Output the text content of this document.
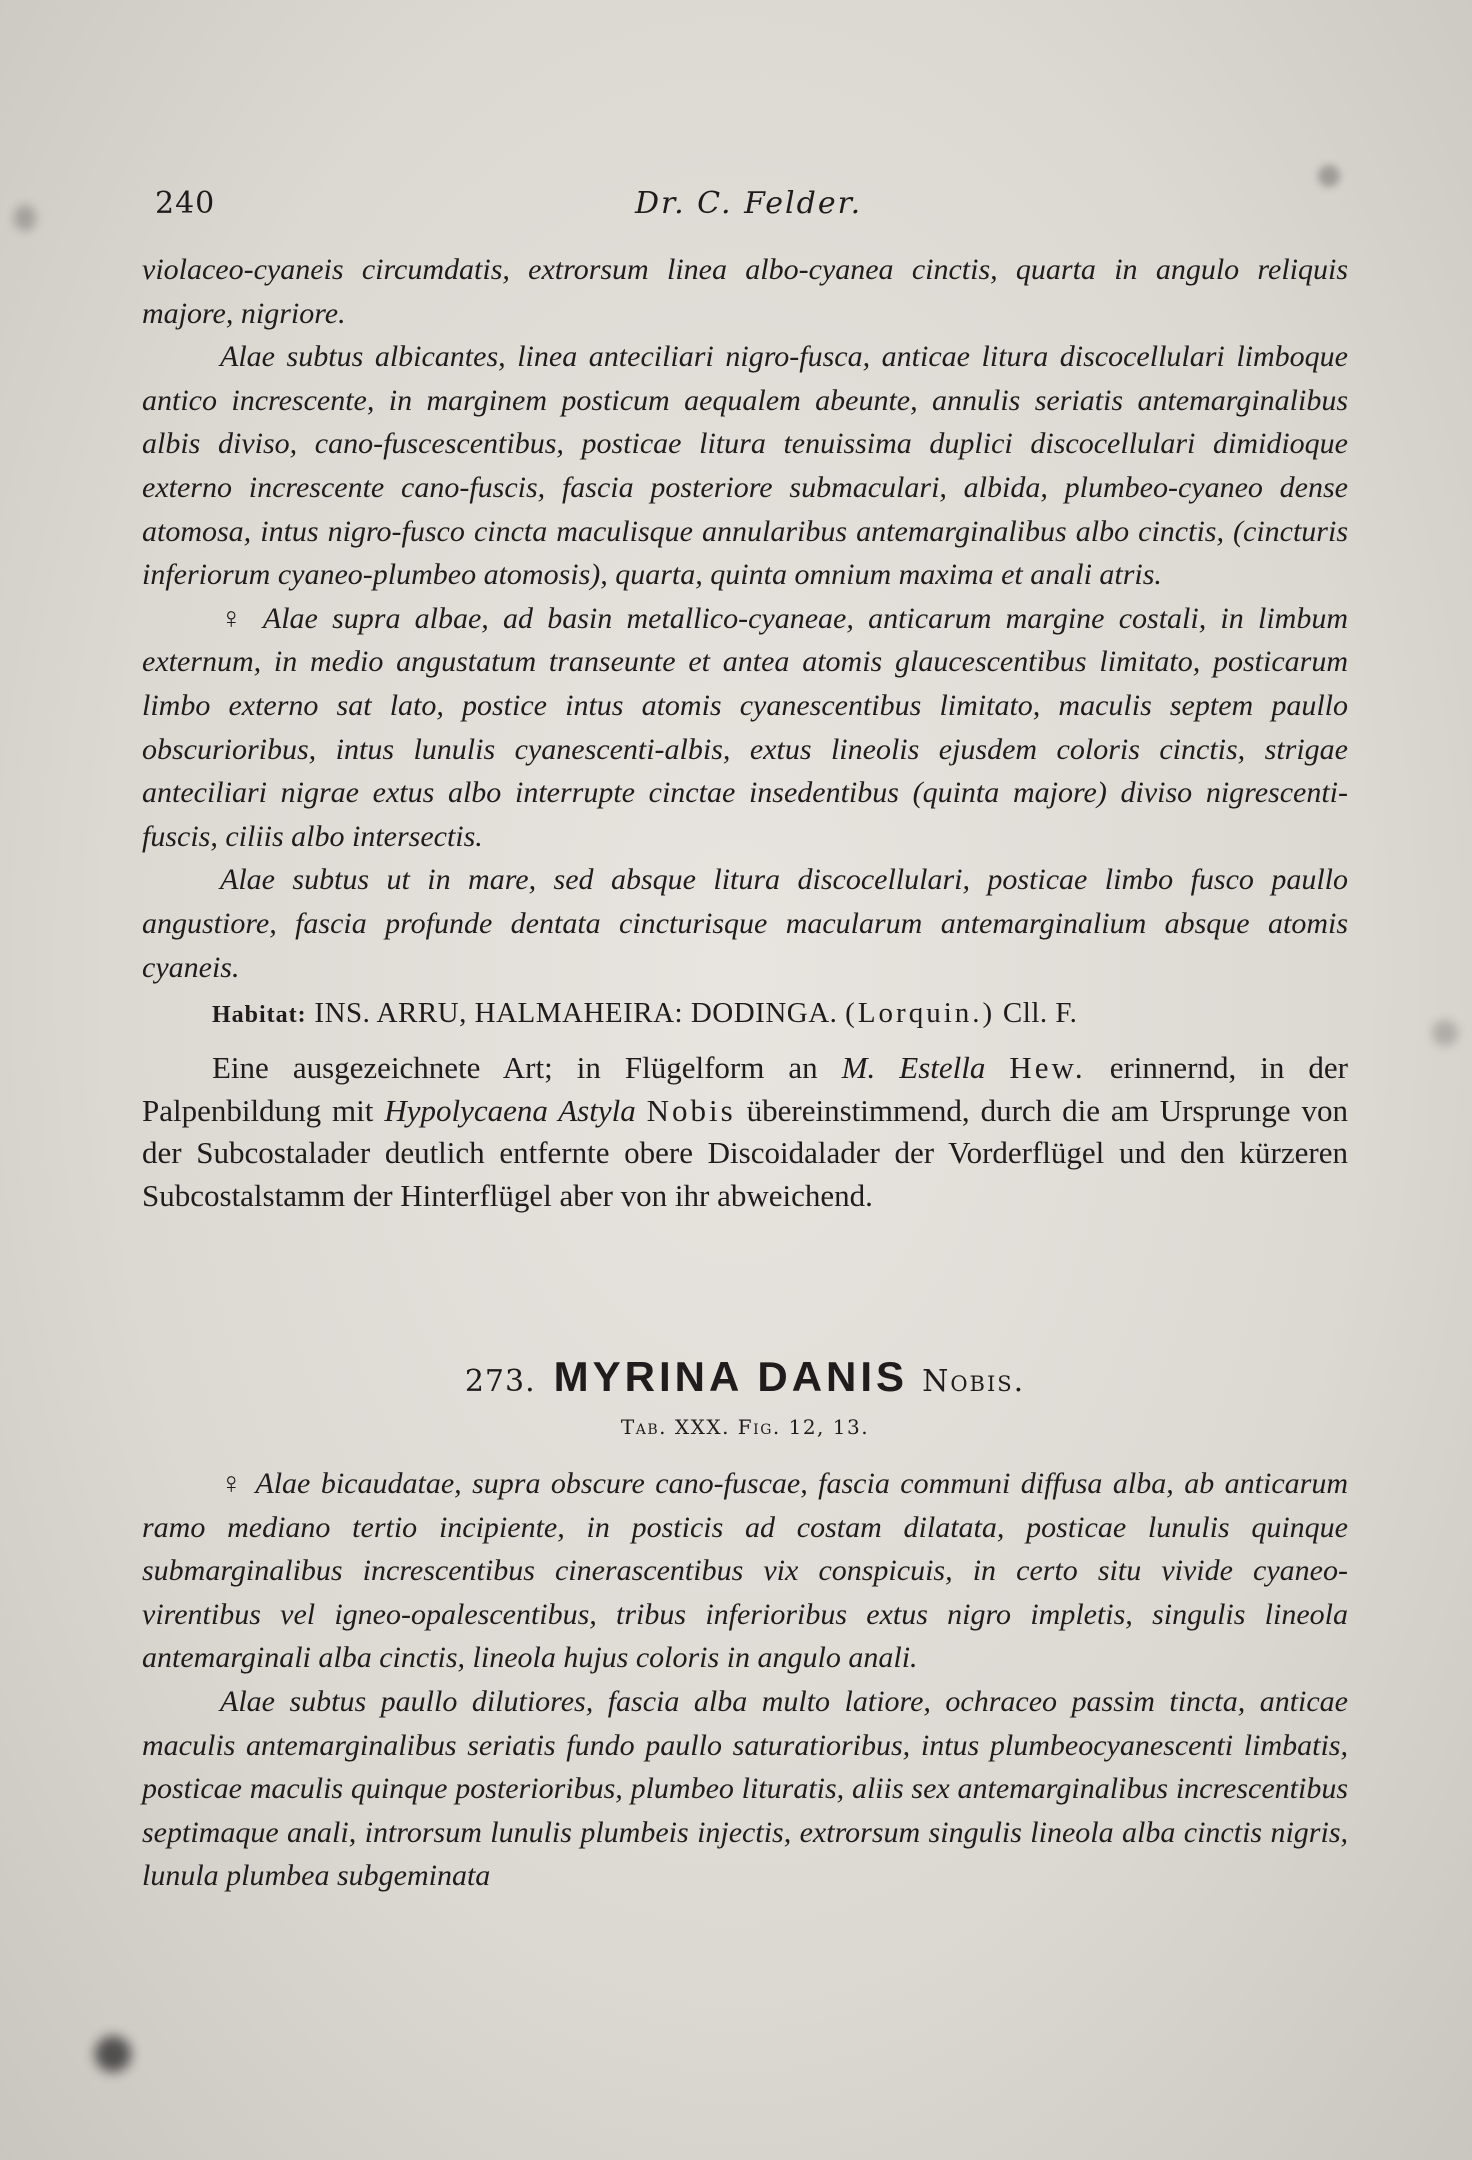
240	Dr. C. Felder.

violaceo-cyaneis circumdatis, extrorsum linea albo-cyanea cinctis, quarta in angulo reliquis majore, nigriore.

Alae subtus albicantes, linea anteciliari nigro-fusca, anticae litura discocellulari limboque antico increscente, in marginem posticum aequalem abeunte, annulis seriatis antemarginalibus albis diviso, cano-fuscescentibus, posticae litura tenuissima duplici discocellulari dimidioque externo increscente cano-fuscis, fascia posteriore submaculari, albida, plumbeo-cyaneo dense atomosa, intus nigro-fusco cincta maculisque annularibus antemarginalibus albo cinctis, (cincturis inferiorum cyaneo-plumbeo atomosis), quarta, quinta omnium maxima et anali atris.

♀ Alae supra albae, ad basin metallico-cyaneae, anticarum margine costali, in limbum externum, in medio angustatum transeunte et antea atomis glaucescentibus limitato, posticarum limbo externo sat lato, postice intus atomis cyanescentibus limitato, maculis septem paullo obscurioribus, intus lunulis cyanescenti-albis, extus lineolis ejusdem coloris cinctis, strigae anteciliari nigrae extus albo interrupte cinctae insedentibus (quinta majore) diviso nigrescenti-fuscis, ciliis albo intersectis.

Alae subtus ut in mare, sed absque litura discocellulari, posticae limbo fusco paullo angustiore, fascia profunde dentata cincturisque macularum antemarginalium absque atomis cyaneis.

Habitat: INS. ARRU, HALMAHEIRA: DODINGA. (Lorquin.) Cll. F.

Eine ausgezeichnete Art; in Flügelform an M. Estella Hew. erinnernd, in der Palpenbildung mit Hypolycaena Astyla Nobis übereinstimmend, durch die am Ursprunge von der Subcostalader deutlich entfernte obere Discoidalader der Vorderflügel und den kürzeren Subcostalstamm der Hinterflügel aber von ihr abweichend.

273. MYRINA DANIS Nobis.

Tab. XXX. Fig. 12, 13.

♀ Alae bicaudatae, supra obscure cano-fuscae, fascia communi diffusa alba, ab anticarum ramo mediano tertio incipiente, in posticis ad costam dilatata, posticae lunulis quinque submarginalibus increscentibus cinerascentibus vix conspicuis, in certo situ vivide cyaneo-virentibus vel igneo-opalescentibus, tribus inferioribus extus nigro impletis, singulis lineola antemarginali alba cinctis, lineola hujus coloris in angulo anali.

Alae subtus paullo dilutiores, fascia alba multo latiore, ochraceo passim tincta, anticae maculis antemarginalibus seriatis fundo paullo saturatioribus, intus plumbeocyanescenti limbatis, posticae maculis quinque posterioribus, plumbeo lituratis, aliis sex antemarginalibus increscentibus septimaque anali, introrsum lunulis plumbeis injectis, extrorsum singulis lineola alba cinctis nigris, lunula plumbea subgeminata
